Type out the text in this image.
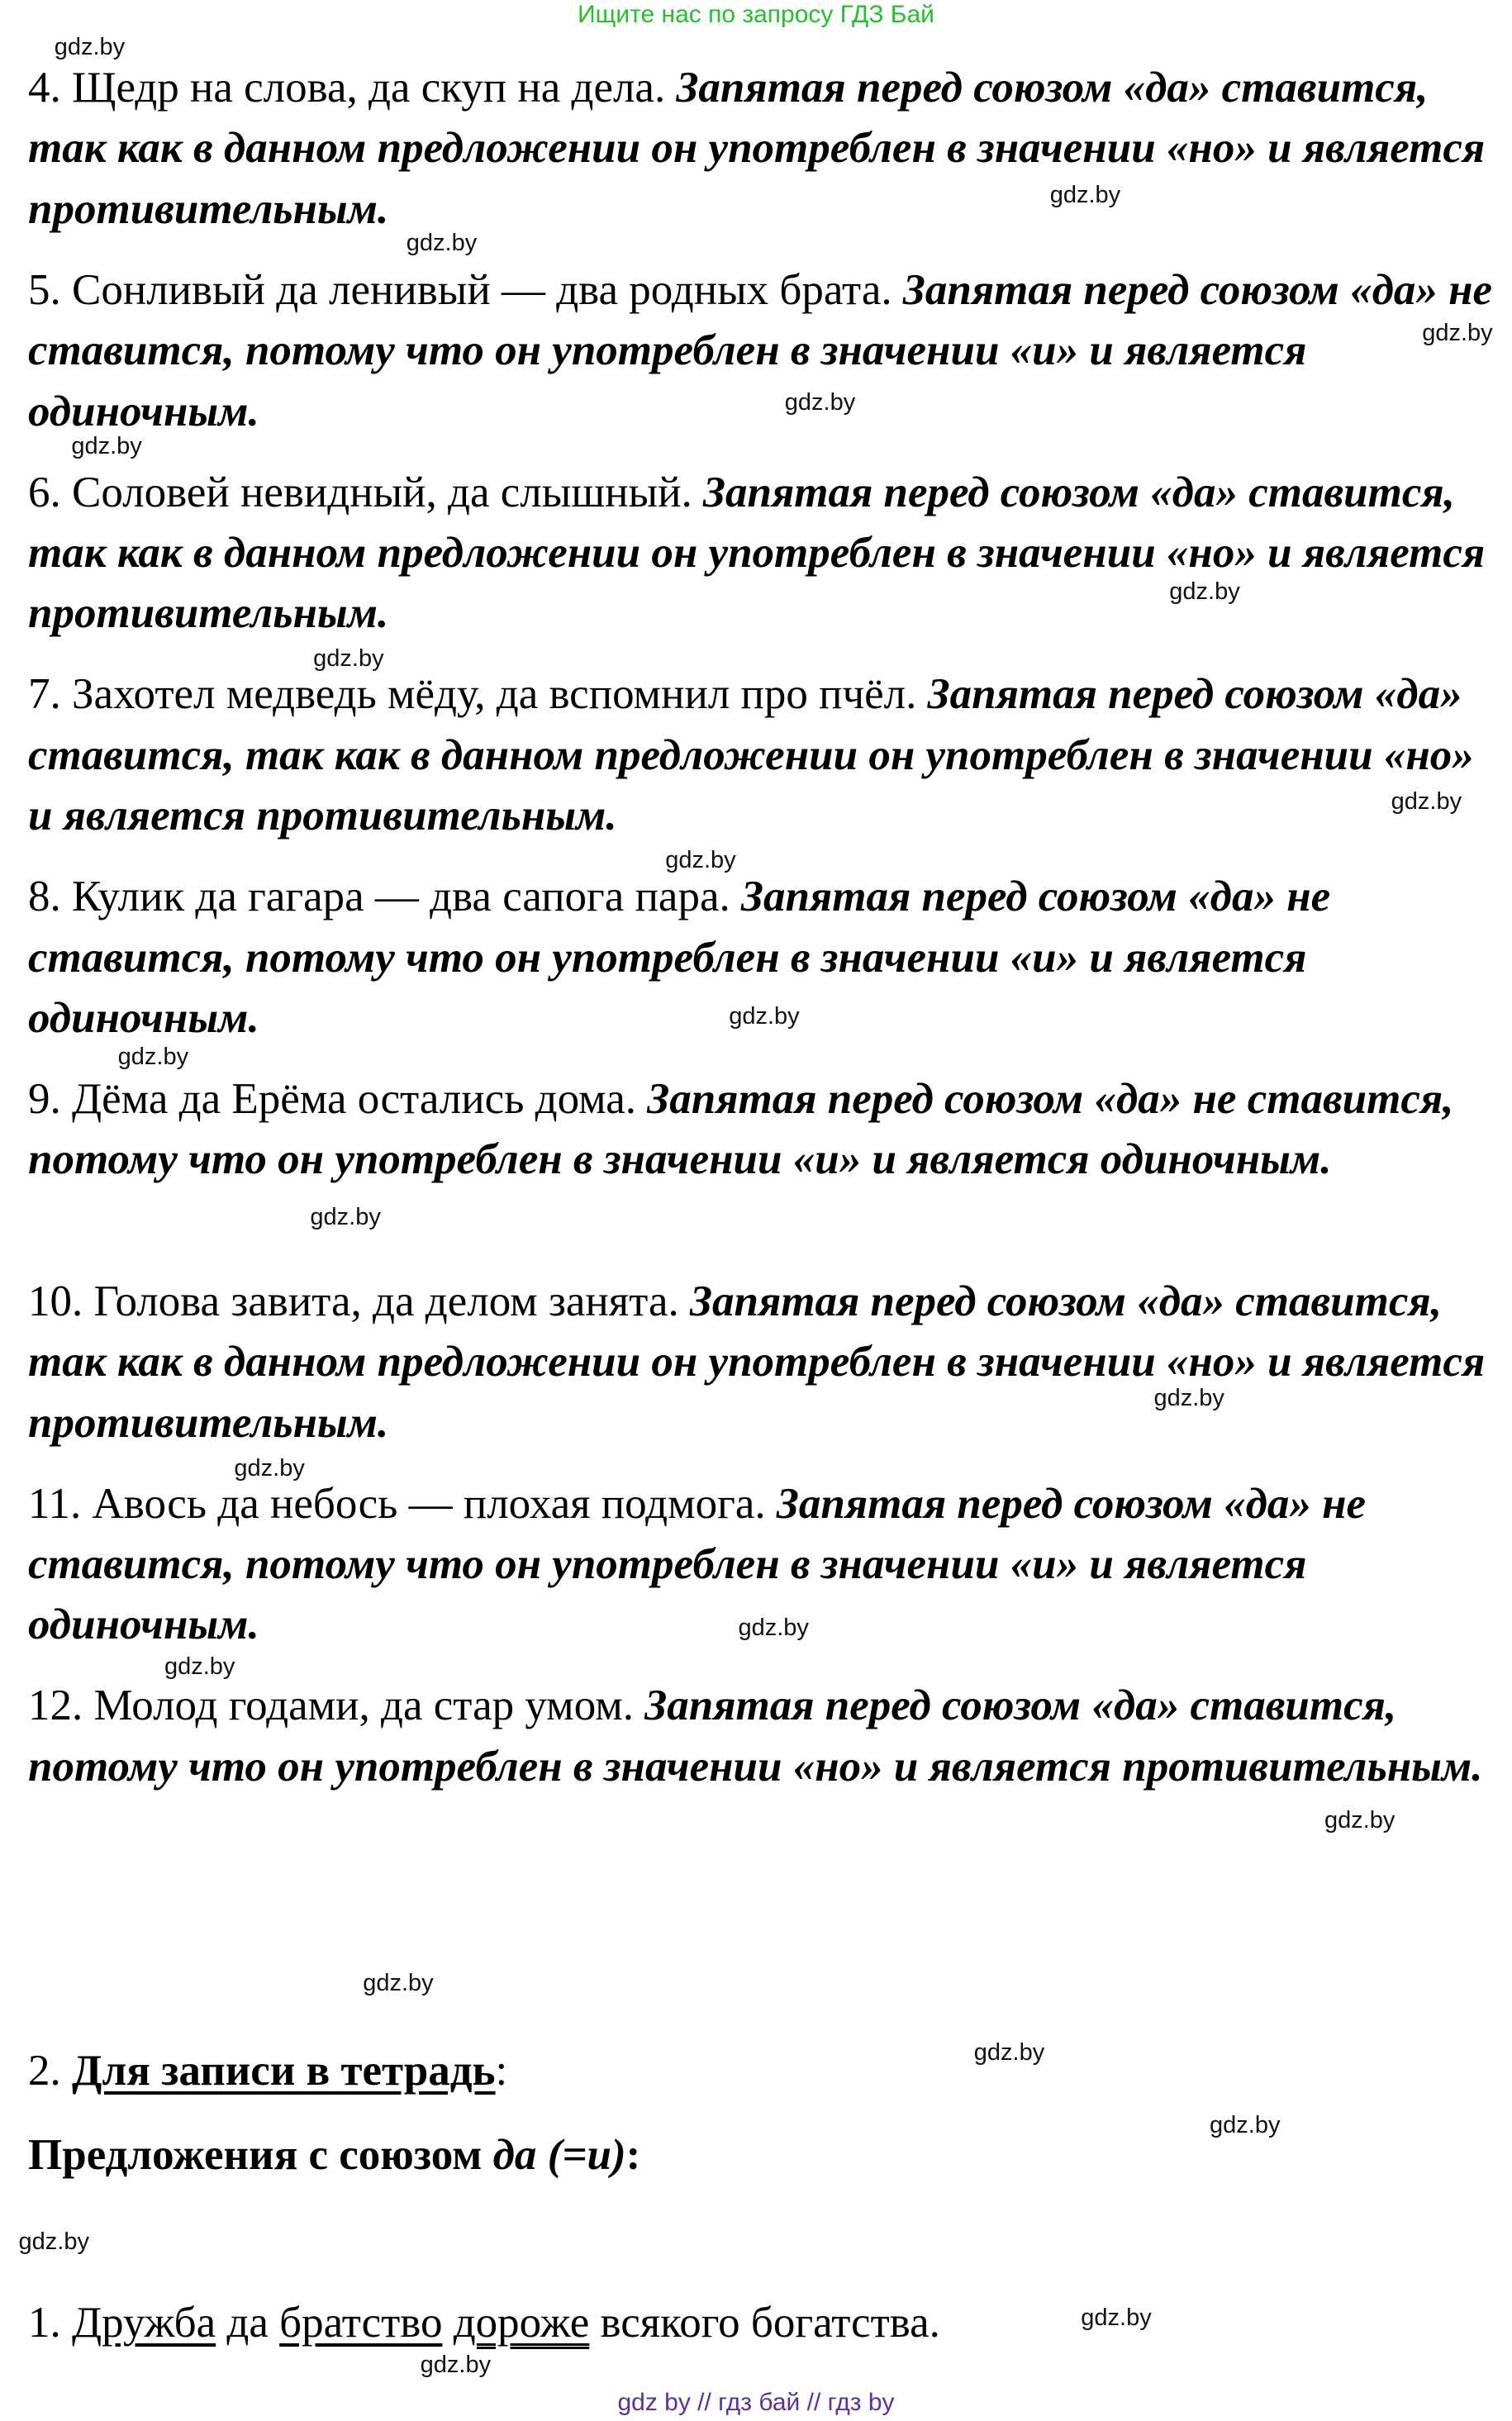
Ищите нас по запросу ГДЗ Бай
4. Щедр на слова, да скуп на дела. Запятая перед союзом «да» ставится, так как в данном предложении он употреблен в значении «но» и является противительным.
5. Сонливый да ленивый — два родных брата. Запятая перед союзом «да» не ставится, потому что он употреблен в значении «и» и является одиночным.
6. Соловей невидный, да слышный. Запятая перед союзом «да» ставится, так как в данном предложении он употреблен в значении «но» и является противительным.
7. Захотел медведь мёду, да вспомнил про пчёл. Запятая перед союзом «да» ставится, так как в данном предложении он употреблен в значении «но» и является противительным.
8. Кулик да гагара — два сапога пара. Запятая перед союзом «да» не ставится, потому что он употреблен в значении «и» и является одиночным.
9. Дёма да Ерёма остались дома. Запятая перед союзом «да» не ставится, потому что он употреблен в значении «и» и является одиночным.
10. Голова завита, да делом занята. Запятая перед союзом «да» ставится, так как в данном предложении он употреблен в значении «но» и является противительным.
11. Авось да небось — плохая подмога. Запятая перед союзом «да» не ставится, потому что он употреблен в значении «и» и является одиночным.
12. Молод годами, да стар умом. Запятая перед союзом «да» ставится, потому что он употреблен в значении «но» и является противительным.
2. Для записи в тетрадь:
Предложения с союзом да (=и):
1. Дружба да братство дороже всякого богатства.
gdz.by
gdz.by
gdz.by
gdz.by
gdz.by
gdz.by
gdz.by
gdz.by
gdz.by
gdz.by
gdz.by
gdz.by
gdz.by
gdz.by
gdz.by
gdz.by
gdz.by
gdz.by
gdz.by
gdz.by
gdz.by
gdz.by
gdz.by
gdz.by
gdz by // гдз бай // гдз by
